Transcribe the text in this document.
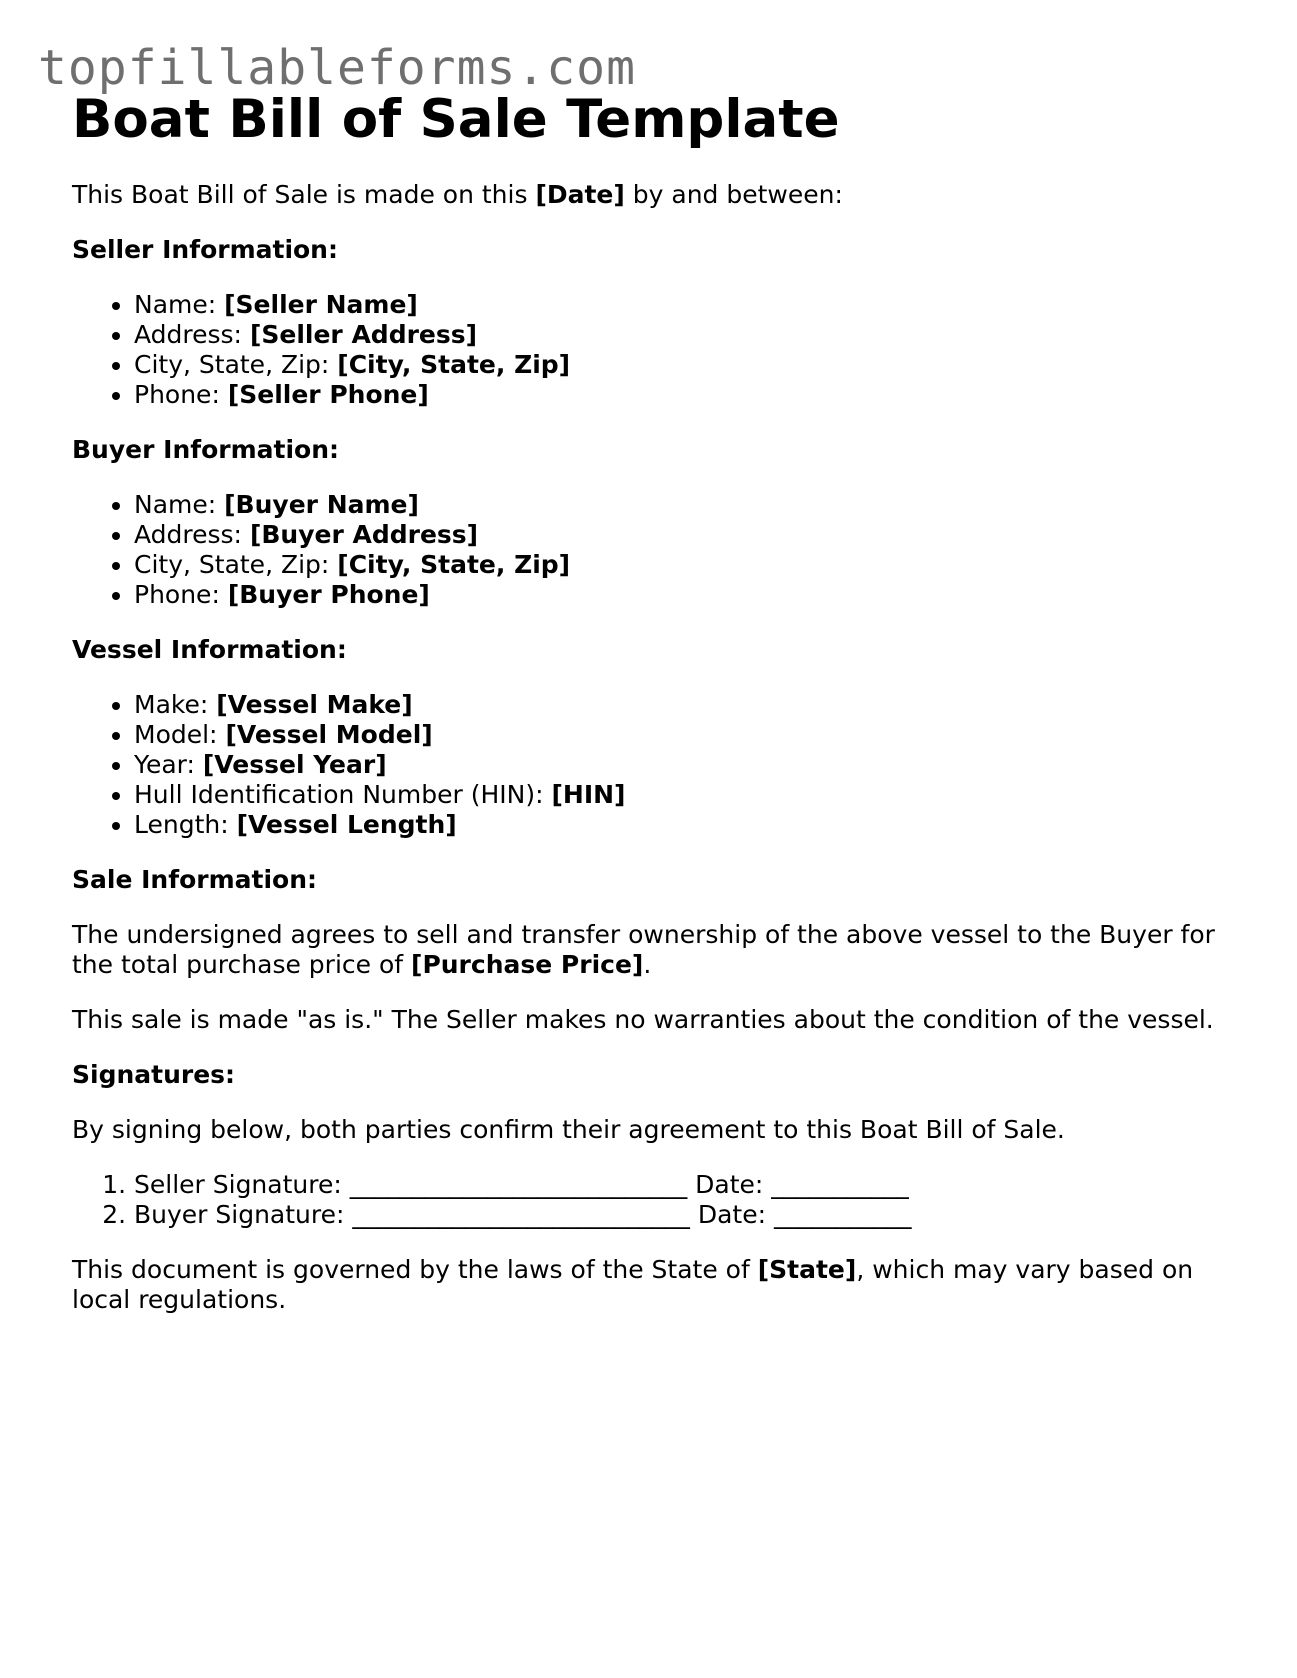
topfillableforms.com
Boat Bill of Sale Template

This Boat Bill of Sale is made on this [Date] by and between:

Seller Information:

• Name: [Seller Name]
• Address: [Seller Address]
• City, State, Zip: [City, State, Zip]
• Phone: [Seller Phone]

Buyer Information:

• Name: [Buyer Name]
• Address: [Buyer Address]
• City, State, Zip: [City, State, Zip]
• Phone: [Buyer Phone]

Vessel Information:

• Make: [Vessel Make]
• Model: [Vessel Model]
• Year: [Vessel Year]
• Hull Identification Number (HIN): [HIN]
• Length: [Vessel Length]

Sale Information:

The undersigned agrees to sell and transfer ownership of the above vessel to the Buyer for the total purchase price of [Purchase Price].

This sale is made "as is." The Seller makes no warranties about the condition of the vessel.

Signatures:

By signing below, both parties confirm their agreement to this Boat Bill of Sale.

1. Seller Signature: ___________________________ Date: ___________
2. Buyer Signature: ___________________________ Date: ___________

This document is governed by the laws of the State of [State], which may vary based on local regulations.
